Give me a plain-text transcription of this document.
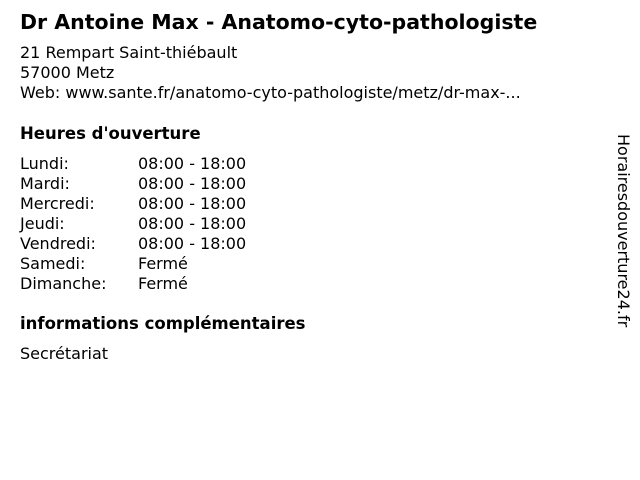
Dr Antoine Max - Anatomo-cyto-pathologiste
21 Rempart Saint-thiébault
57000 Metz
Web: www.sante.fr/anatomo-cyto-pathologiste/metz/dr-max-...
Heures d'ouverture
Lundi:	08:00 - 18:00
Mardi:	08:00 - 18:00
Mercredi:	08:00 - 18:00
Jeudi:	08:00 - 18:00
Vendredi:	08:00 - 18:00
Samedi:	Fermé
Dimanche: Fermé
informations complémentaires
Secrétariat
Horairesdouverture24.fr
